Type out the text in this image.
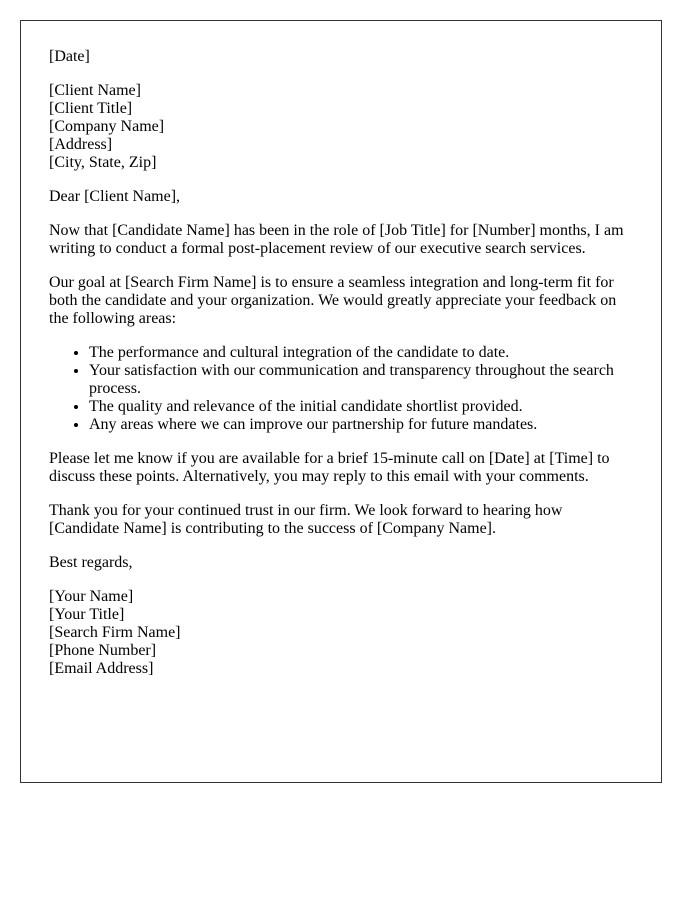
[Date]

[Client Name]
[Client Title]
[Company Name]
[Address]
[City, State, Zip]

Dear [Client Name],

Now that [Candidate Name] has been in the role of [Job Title] for [Number] months, I am writing to conduct a formal post-placement review of our executive search services.

Our goal at [Search Firm Name] is to ensure a seamless integration and long-term fit for both the candidate and your organization. We would greatly appreciate your feedback on the following areas:

• The performance and cultural integration of the candidate to date.
• Your satisfaction with our communication and transparency throughout the search process.
• The quality and relevance of the initial candidate shortlist provided.
• Any areas where we can improve our partnership for future mandates.

Please let me know if you are available for a brief 15-minute call on [Date] at [Time] to discuss these points. Alternatively, you may reply to this email with your comments.

Thank you for your continued trust in our firm. We look forward to hearing how [Candidate Name] is contributing to the success of [Company Name].

Best regards,

[Your Name]
[Your Title]
[Search Firm Name]
[Phone Number]
[Email Address]
